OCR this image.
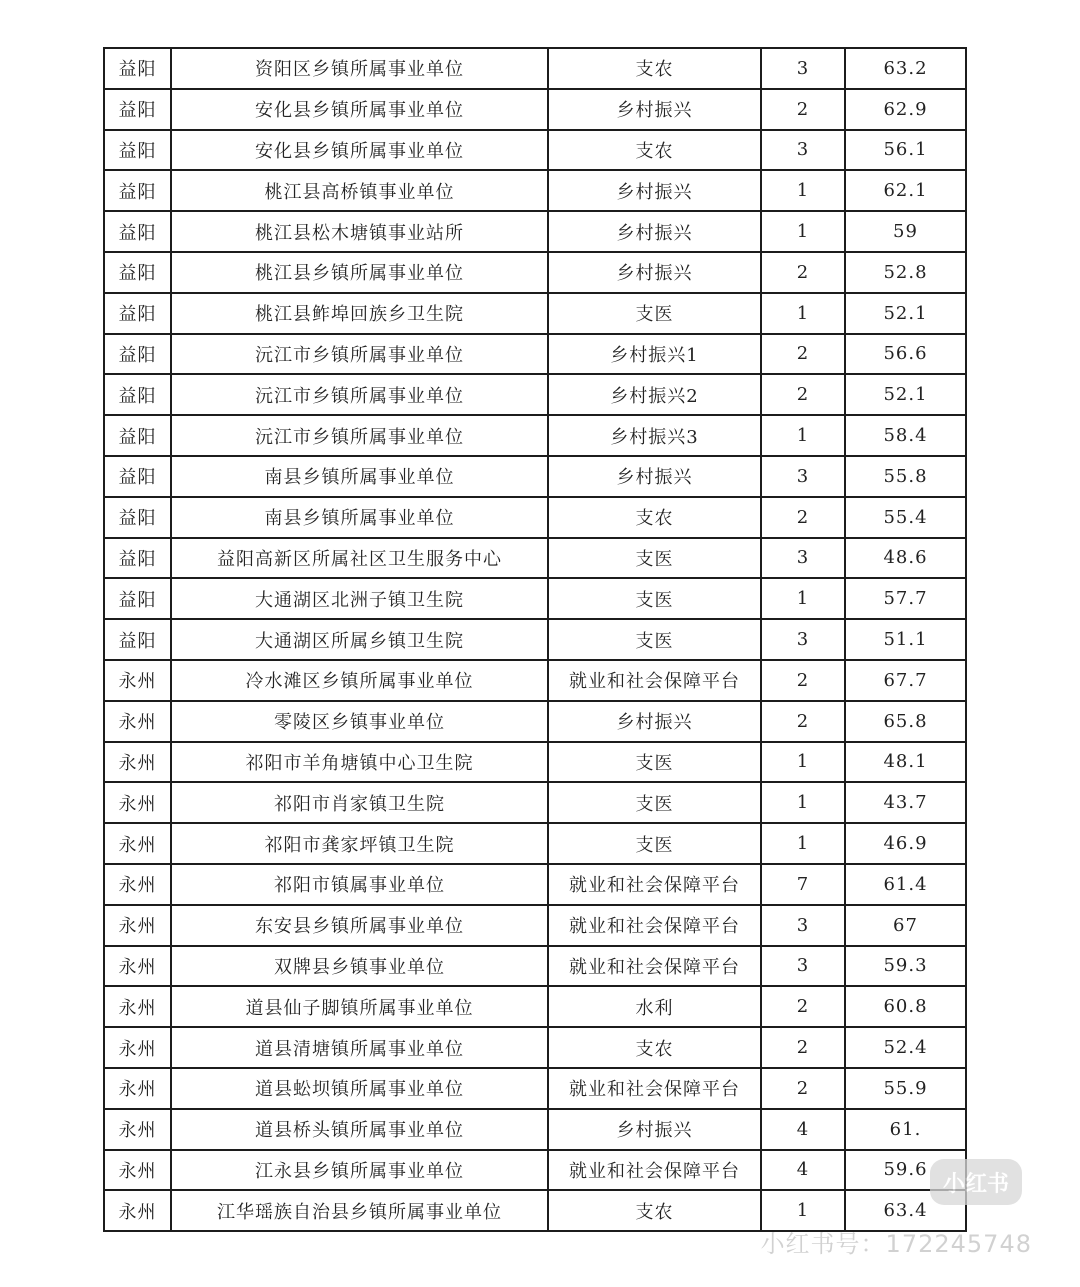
益阳	资阳区乡镇所属事业单位	支农	3	63.2
益阳	安化县乡镇所属事业单位	乡村振兴	2	62.9
益阳	安化县乡镇所属事业单位	支农	3	56.1
益阳	桃江县高桥镇事业单位	乡村振兴	1	62.1
益阳	桃江县松木塘镇事业站所	乡村振兴	1	59
益阳	桃江县乡镇所属事业单位	乡村振兴	2	52.8
益阳	桃江县鲊埠回族乡卫生院	支医	1	52.1
益阳	沅江市乡镇所属事业单位	乡村振兴1	2	56.6
益阳	沅江市乡镇所属事业单位	乡村振兴2	2	52.1
益阳	沅江市乡镇所属事业单位	乡村振兴3	1	58.4
益阳	南县乡镇所属事业单位	乡村振兴	3	55.8
益阳	南县乡镇所属事业单位	支农	2	55.4
益阳	益阳高新区所属社区卫生服务中心	支医	3	48.6
益阳	大通湖区北洲子镇卫生院	支医	1	57.7
益阳	大通湖区所属乡镇卫生院	支医	3	51.1
永州	冷水滩区乡镇所属事业单位	就业和社会保障平台	2	67.7
永州	零陵区乡镇事业单位	乡村振兴	2	65.8
永州	祁阳市羊角塘镇中心卫生院	支医	1	48.1
永州	祁阳市肖家镇卫生院	支医	1	43.7
永州	祁阳市龚家坪镇卫生院	支医	1	46.9
永州	祁阳市镇属事业单位	就业和社会保障平台	7	61.4
永州	东安县乡镇所属事业单位	就业和社会保障平台	3	67
永州	双牌县乡镇事业单位	就业和社会保障平台	3	59.3
永州	道县仙子脚镇所属事业单位	水利	2	60.8
永州	道县清塘镇所属事业单位	支农	2	52.4
永州	道县蚣坝镇所属事业单位	就业和社会保障平台	2	55.9
永州	道县桥头镇所属事业单位	乡村振兴	4	61.
永州	江永县乡镇所属事业单位	就业和社会保障平台	4	59.6
永州	江华瑶族自治县乡镇所属事业单位	支农	1	63.4
小红书
小红书号：172245748
